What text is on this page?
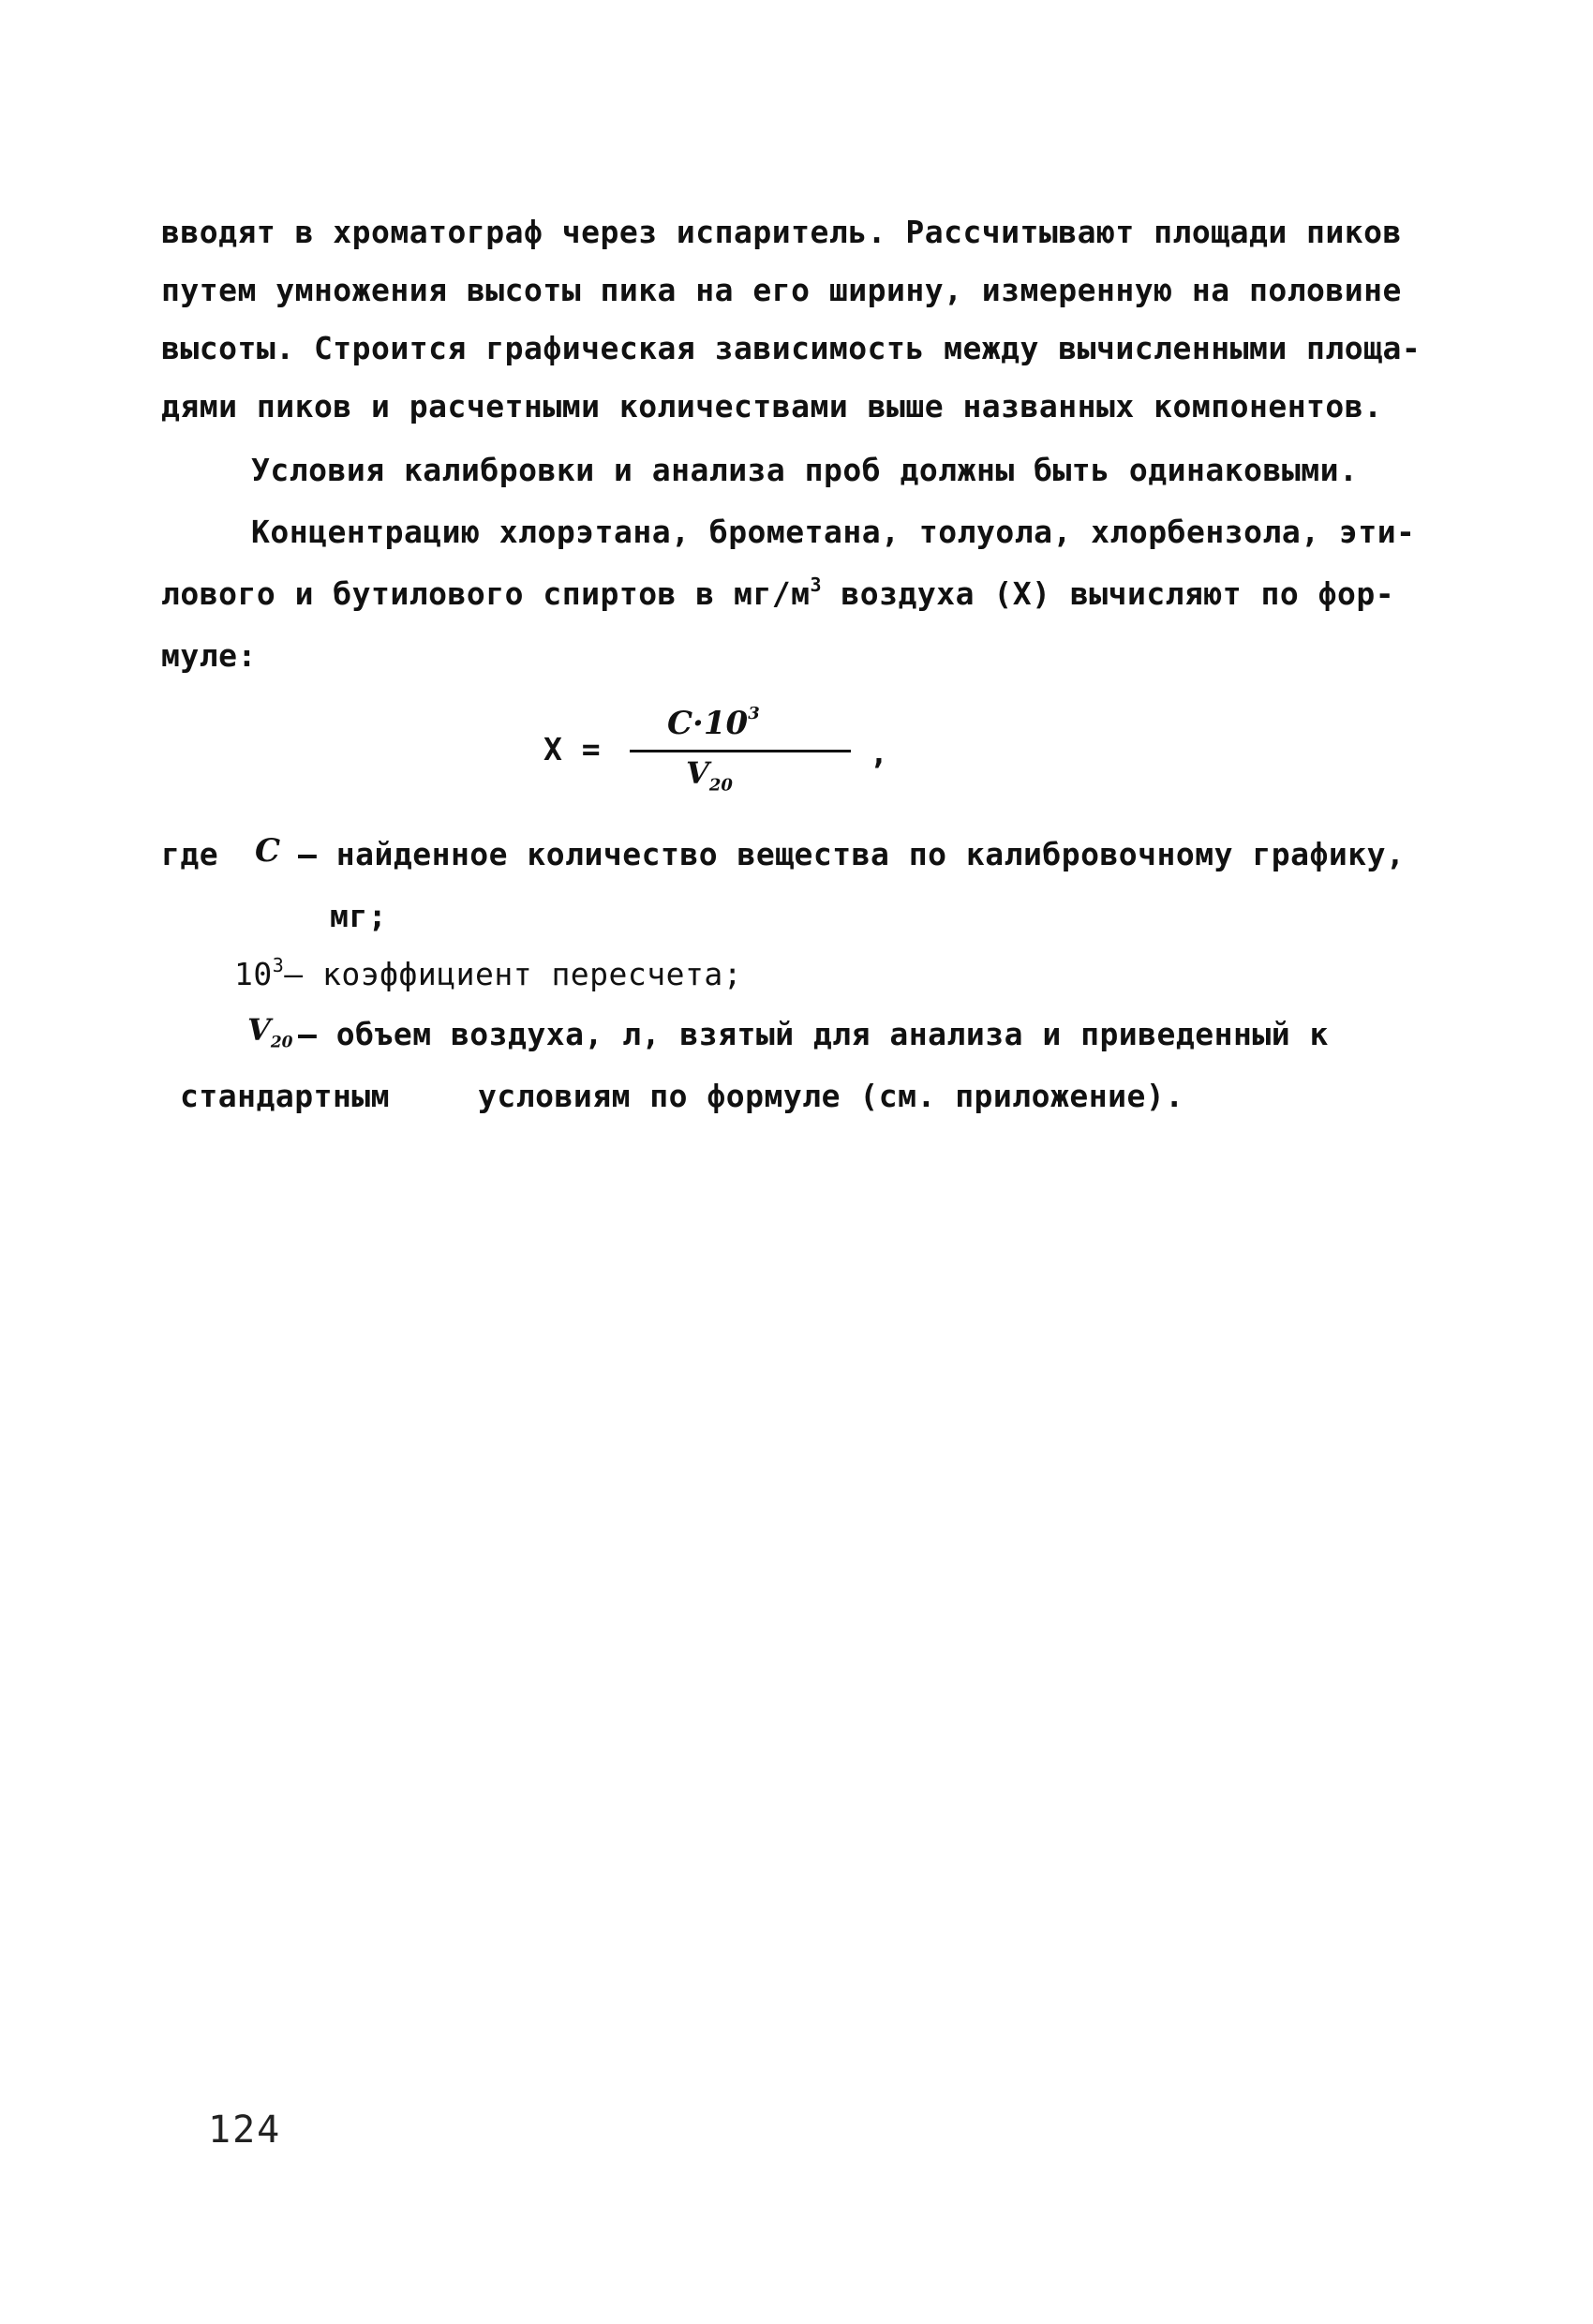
вводят в хроматограф через испаритель. Рассчитывают площади пиков
путем умножения высоты пика на его ширину, измеренную на половине
высоты. Строится графическая зависимость между вычисленными площа-
дями пиков и расчетными количествами выше названных компонентов.
Условия калибровки и анализа проб должны быть одинаковыми.
Концентрацию хлорэтана, брометана, толуола, хлорбензола, эти-
лового и бутилового спиртов в $мг/м^3$ воздуха (X) вычисляют по фор-
муле:
X =
$C\cdot 10^3$
$V_{20}$
,
где C – найденное количество вещества по калибровочному графику,
мг;
$10^3-$ коэффициент пересчета;
$V_{20}$ – объем воздуха, л, взятый для анализа и приведенный к
стандартным	условиям по формуле (см. приложение).
124
